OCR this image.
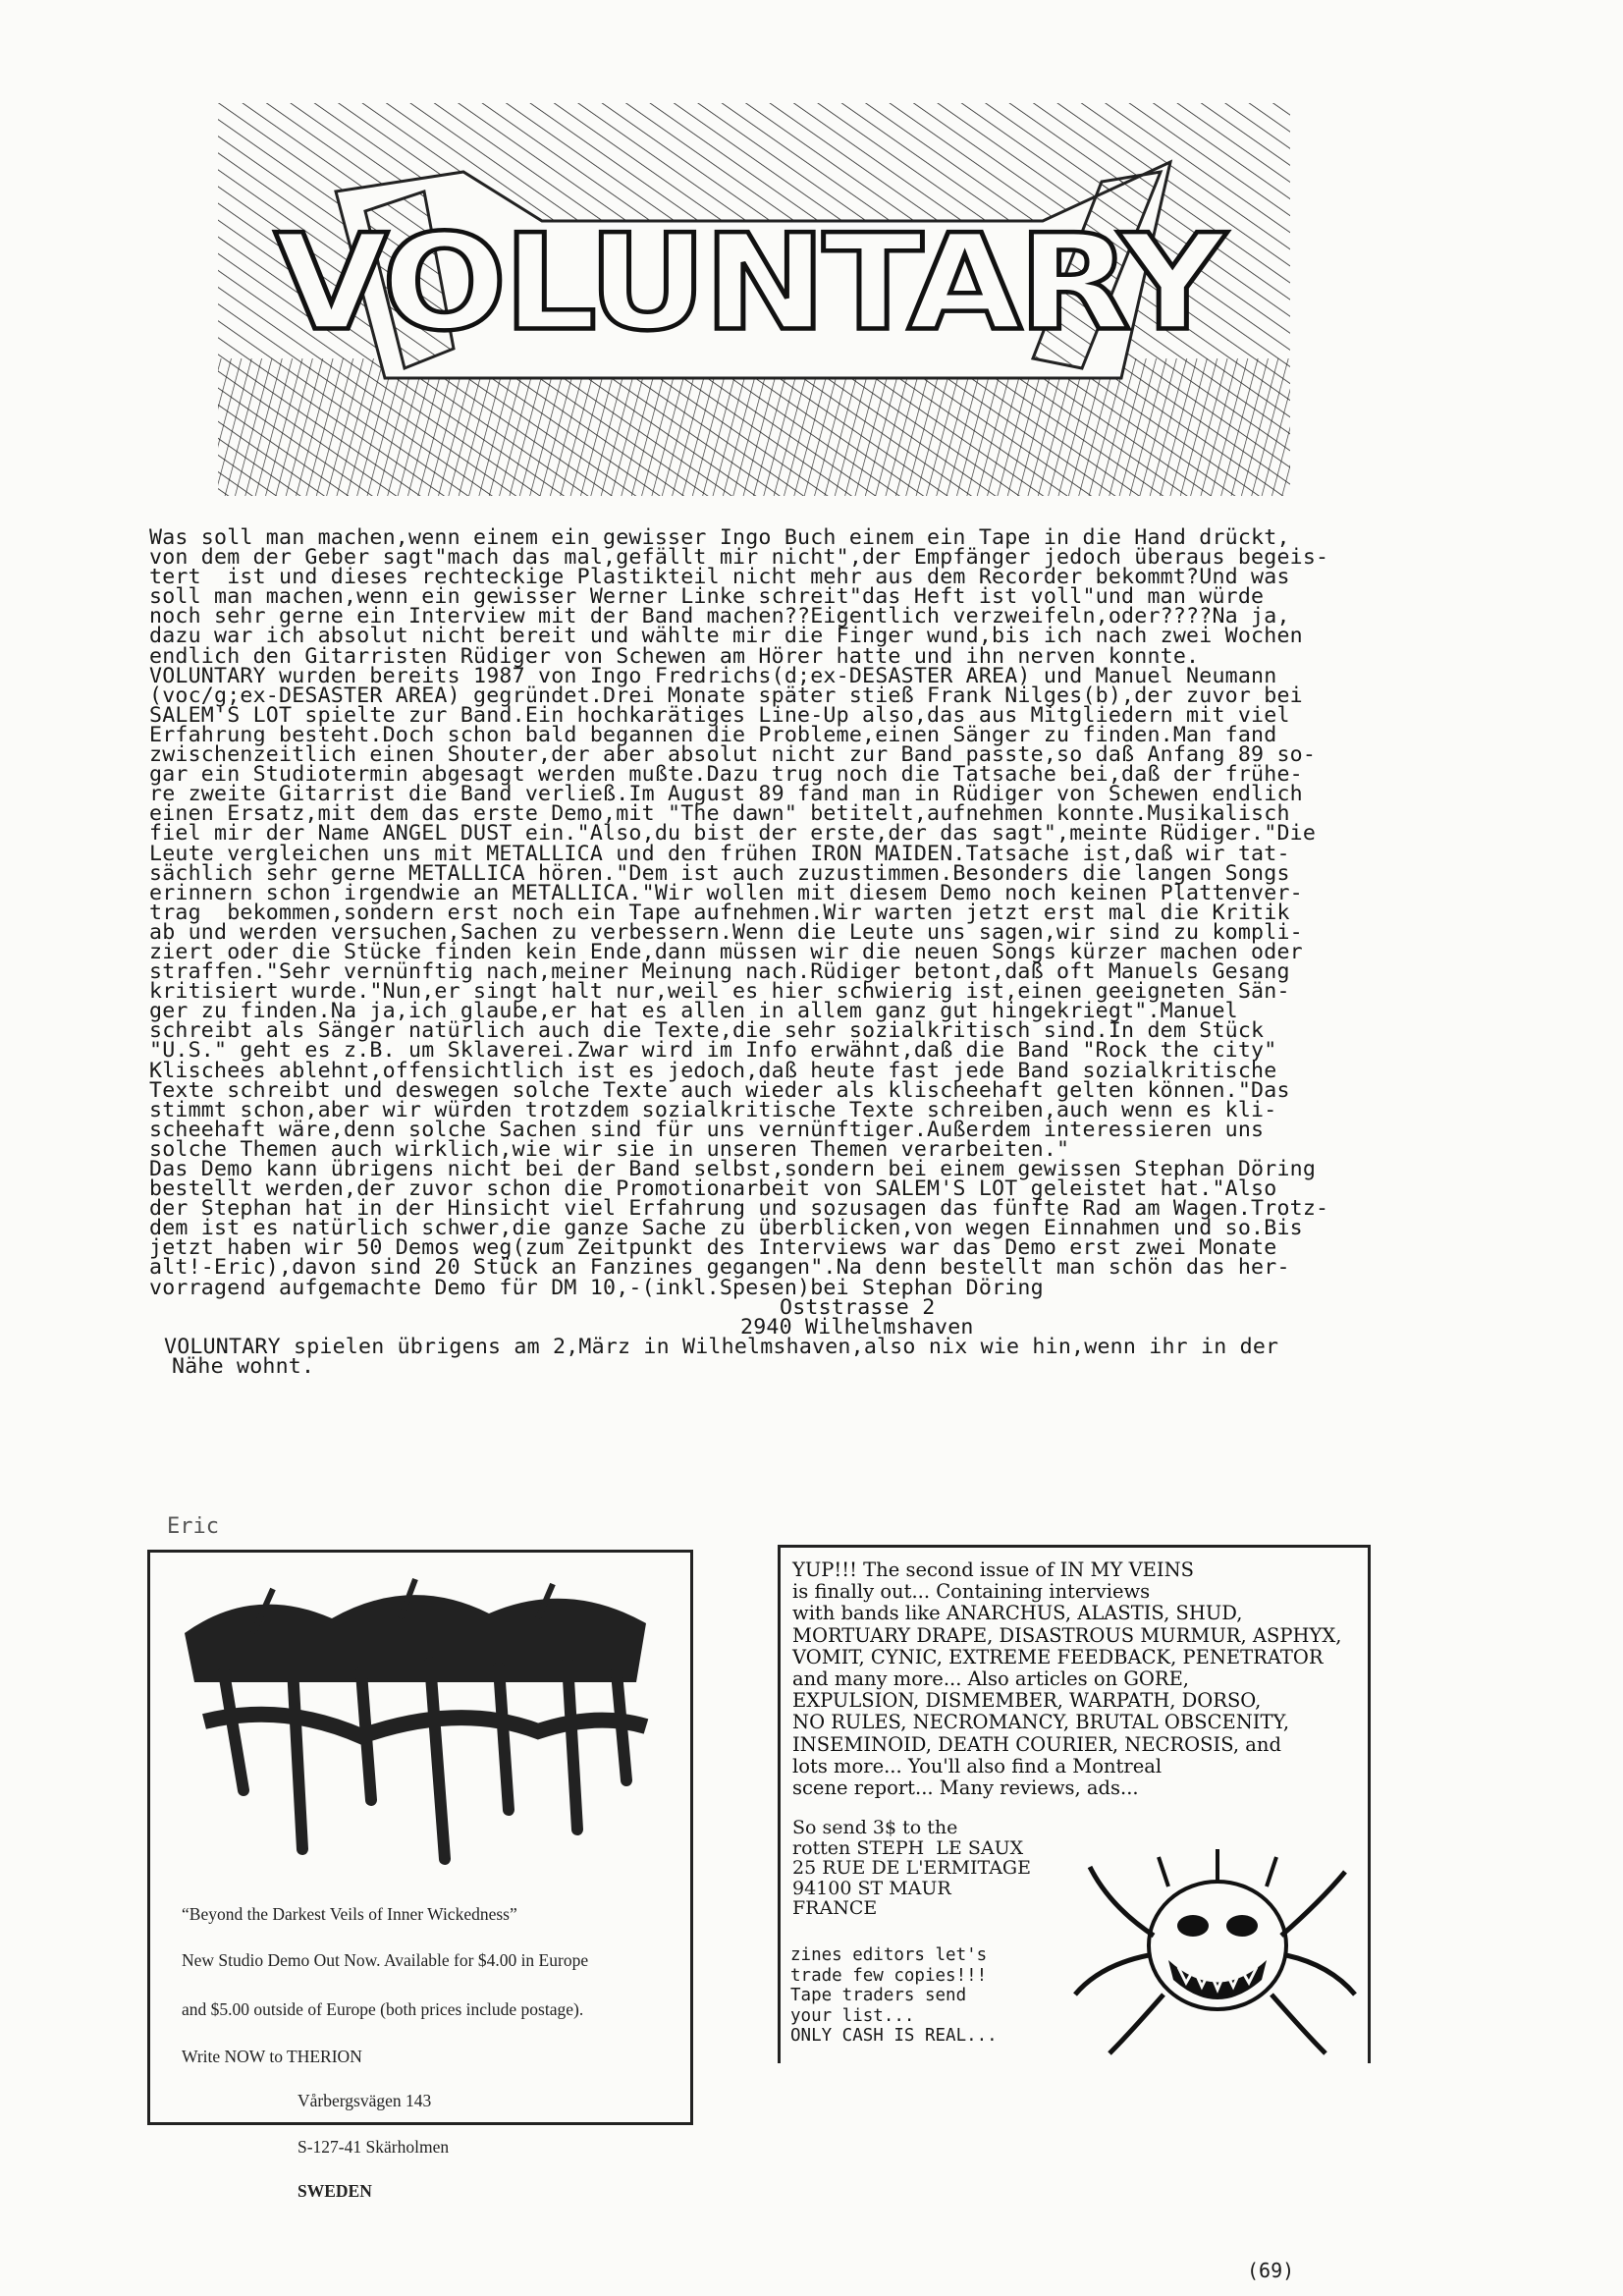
VOLUNTARY
Was soll man machen,wenn einem ein gewisser Ingo Buch einem ein Tape in die Hand drückt,
von dem der Geber sagt"mach das mal,gefällt mir nicht",der Empfänger jedoch überaus begeis-
tert  ist und dieses rechteckige Plastikteil nicht mehr aus dem Recorder bekommt?Und was
soll man machen,wenn ein gewisser Werner Linke schreit"das Heft ist voll"und man würde
noch sehr gerne ein Interview mit der Band machen??Eigentlich verzweifeln,oder????Na ja,
dazu war ich absolut nicht bereit und wählte mir die Finger wund,bis ich nach zwei Wochen
endlich den Gitarristen Rüdiger von Schewen am Hörer hatte und ihn nerven konnte.
VOLUNTARY wurden bereits 1987 von Ingo Fredrichs(d;ex-DESASTER AREA) und Manuel Neumann
(voc/g;ex-DESASTER AREA) gegründet.Drei Monate später stieß Frank Nilges(b),der zuvor bei
SALEM'S LOT spielte zur Band.Ein hochkarätiges Line-Up also,das aus Mitgliedern mit viel
Erfahrung besteht.Doch schon bald begannen die Probleme,einen Sänger zu finden.Man fand
zwischenzeitlich einen Shouter,der aber absolut nicht zur Band passte,so daß Anfang 89 so-
gar ein Studiotermin abgesagt werden mußte.Dazu trug noch die Tatsache bei,daß der frühe-
re zweite Gitarrist die Band verließ.Im August 89 fand man in Rüdiger von Schewen endlich
einen Ersatz,mit dem das erste Demo,mit "The dawn" betitelt,aufnehmen konnte.Musikalisch
fiel mir der Name ANGEL DUST ein."Also,du bist der erste,der das sagt",meinte Rüdiger."Die
Leute vergleichen uns mit METALLICA und den frühen IRON MAIDEN.Tatsache ist,daß wir tat-
sächlich sehr gerne METALLICA hören."Dem ist auch zuzustimmen.Besonders die langen Songs
erinnern schon irgendwie an METALLICA."Wir wollen mit diesem Demo noch keinen Plattenver-
trag  bekommen,sondern erst noch ein Tape aufnehmen.Wir warten jetzt erst mal die Kritik
ab und werden versuchen,Sachen zu verbessern.Wenn die Leute uns sagen,wir sind zu kompli-
ziert oder die Stücke finden kein Ende,dann müssen wir die neuen Songs kürzer machen oder
straffen."Sehr vernünftig nach,meiner Meinung nach.Rüdiger betont,daß oft Manuels Gesang
kritisiert wurde."Nun,er singt halt nur,weil es hier schwierig ist,einen geeigneten Sän-
ger zu finden.Na ja,ich glaube,er hat es allen in allem ganz gut hingekriegt".Manuel
schreibt als Sänger natürlich auch die Texte,die sehr sozialkritisch sind.In dem Stück
"U.S." geht es z.B. um Sklaverei.Zwar wird im Info erwähnt,daß die Band "Rock the city"
Klischees ablehnt,offensichtlich ist es jedoch,daß heute fast jede Band sozialkritische
Texte schreibt und deswegen solche Texte auch wieder als klischeehaft gelten können."Das
stimmt schon,aber wir würden trotzdem sozialkritische Texte schreiben,auch wenn es kli-
scheehaft wäre,denn solche Sachen sind für uns vernünftiger.Außerdem interessieren uns
solche Themen auch wirklich,wie wir sie in unseren Themen verarbeiten."
Das Demo kann übrigens nicht bei der Band selbst,sondern bei einem gewissen Stephan Döring
bestellt werden,der zuvor schon die Promotionarbeit von SALEM'S LOT geleistet hat."Also
der Stephan hat in der Hinsicht viel Erfahrung und sozusagen das fünfte Rad am Wagen.Trotz-
dem ist es natürlich schwer,die ganze Sache zu überblicken,von wegen Einnahmen und so.Bis
jetzt haben wir 50 Demos weg(zum Zeitpunkt des Interviews war das Demo erst zwei Monate
alt!-Eric),davon sind 20 Stück an Fanzines gegangen".Na denn bestellt man schön das her-
vorragend aufgemachte Demo für DM 10,-(inkl.Spesen)bei Stephan Döring
Oststrasse 2
2940 Wilhelmshaven
VOLUNTARY spielen übrigens am 2,März in Wilhelmshaven,also nix wie hin,wenn ihr in der
Nähe wohnt.
Eric
“Beyond the Darkest Veils of Inner Wickedness”
New Studio Demo Out Now. Available for $4.00 in Europe
and $5.00 outside of Europe (both prices include postage).
Write NOW to THERION
Vårbergsvägen 143
S-127-41 Skärholmen
SWEDEN
YUP!!! The second issue of IN MY VEINS
is finally out... Containing interviews
with bands like ANARCHUS, ALASTIS, SHUD,
MORTUARY DRAPE, DISASTROUS MURMUR, ASPHYX,
VOMIT, CYNIC, EXTREME FEEDBACK, PENETRATOR
and many more... Also articles on GORE,
EXPULSION, DISMEMBER, WARPATH, DORSO,
NO RULES, NECROMANCY, BRUTAL OBSCENITY,
INSEMINOID, DEATH COURIER, NECROSIS, and
lots more... You'll also find a Montreal
scene report... Many reviews, ads...
So send 3$ to the
rotten STEPH  LE SAUX
25 RUE DE L'ERMITAGE
94100 ST MAUR
FRANCE
zines editors let's
trade few copies!!!
Tape traders send
your list...
ONLY CASH IS REAL...
(69)
